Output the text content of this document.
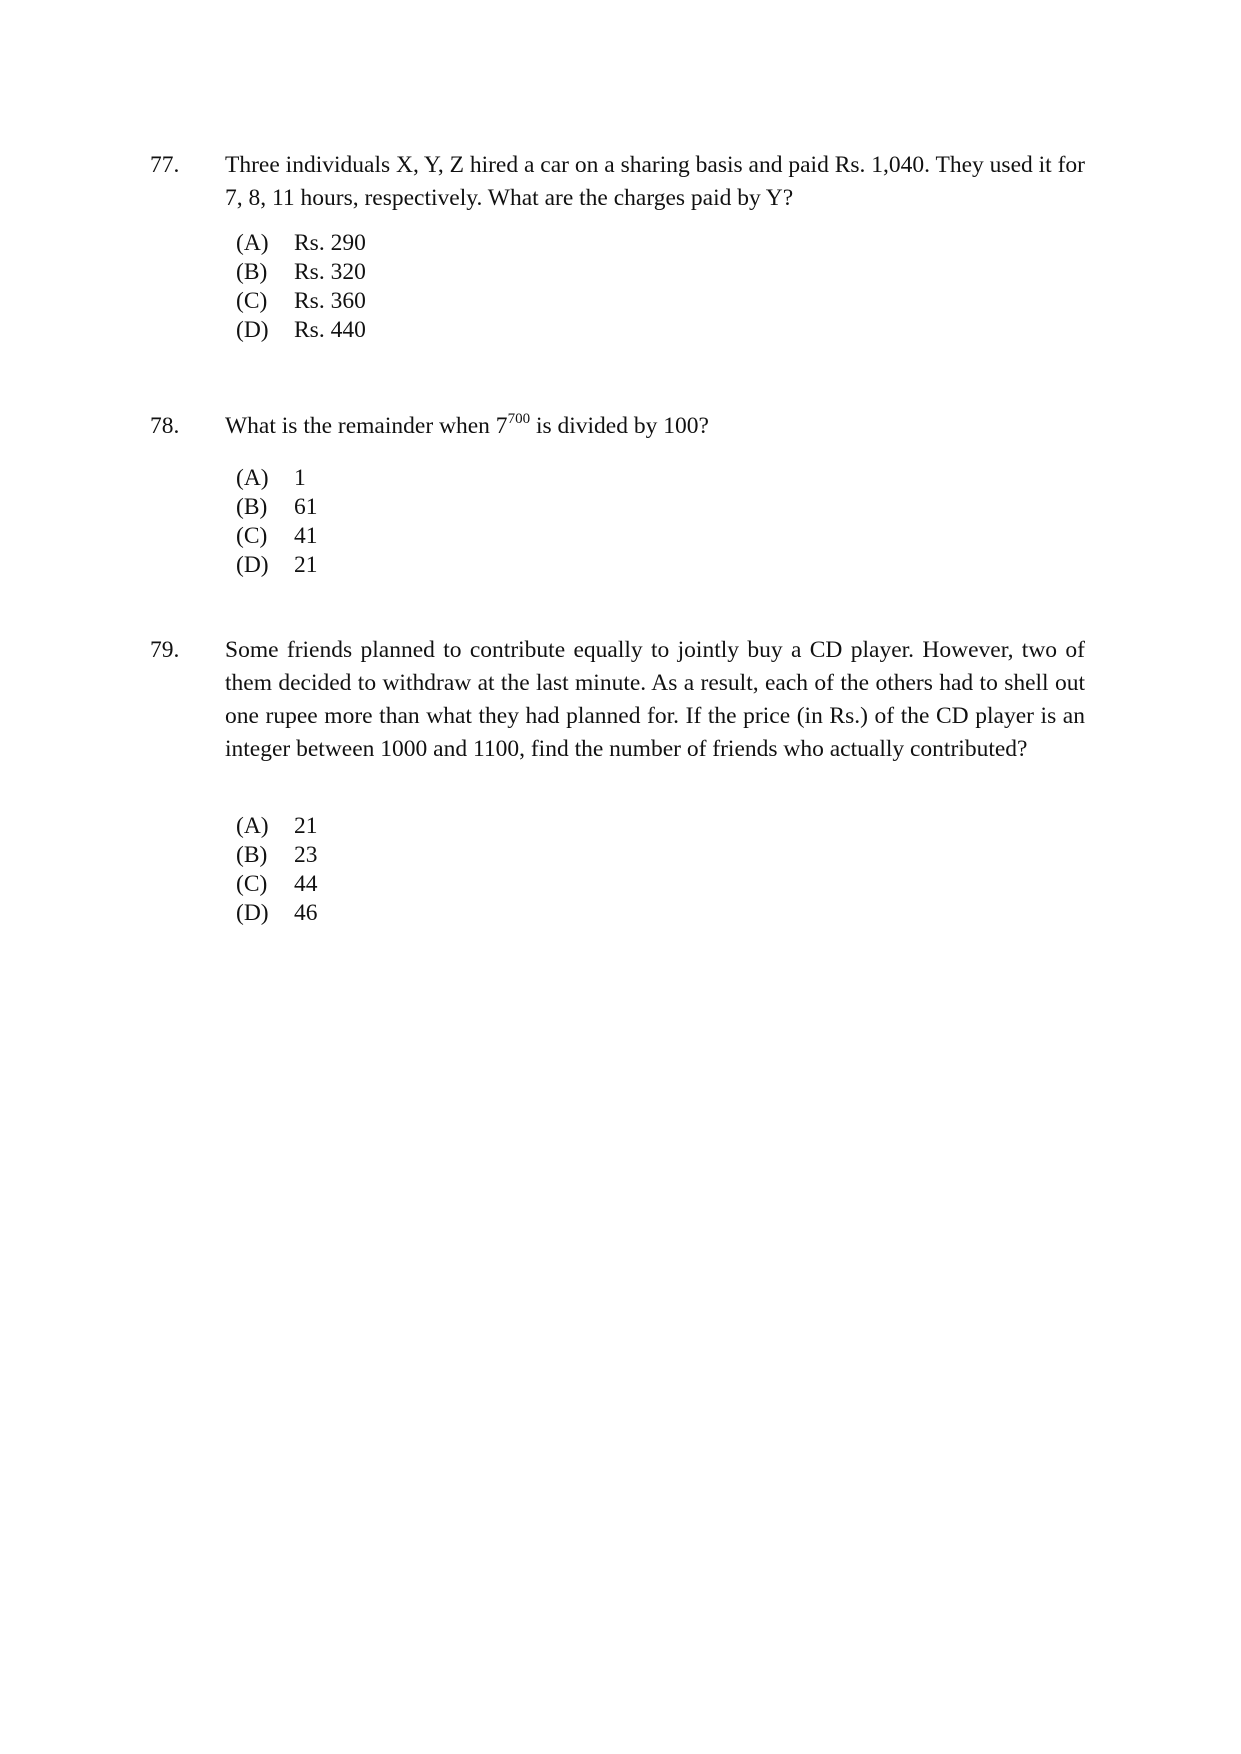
77. Three individuals X, Y, Z hired a car on a sharing basis and paid Rs. 1,040. They used it for 7, 8, 11 hours, respectively. What are the charges paid by Y?
(A)	Rs. 290
(B)	Rs. 320
(C)	Rs. 360
(D)	Rs. 440
78. What is the remainder when $7^{700}$ is divided by 100?
(A)	1
(B)	61
(C)	41
(D)	21
79. Some friends planned to contribute equally to jointly buy a CD player. However, two of them decided to withdraw at the last minute. As a result, each of the others had to shell out one rupee more than what they had planned for. If the price (in Rs.) of the CD player is an integer between 1000 and 1100, find the number of friends who actually contributed?
(A)	21
(B)	23
(C)	44
(D)	46
